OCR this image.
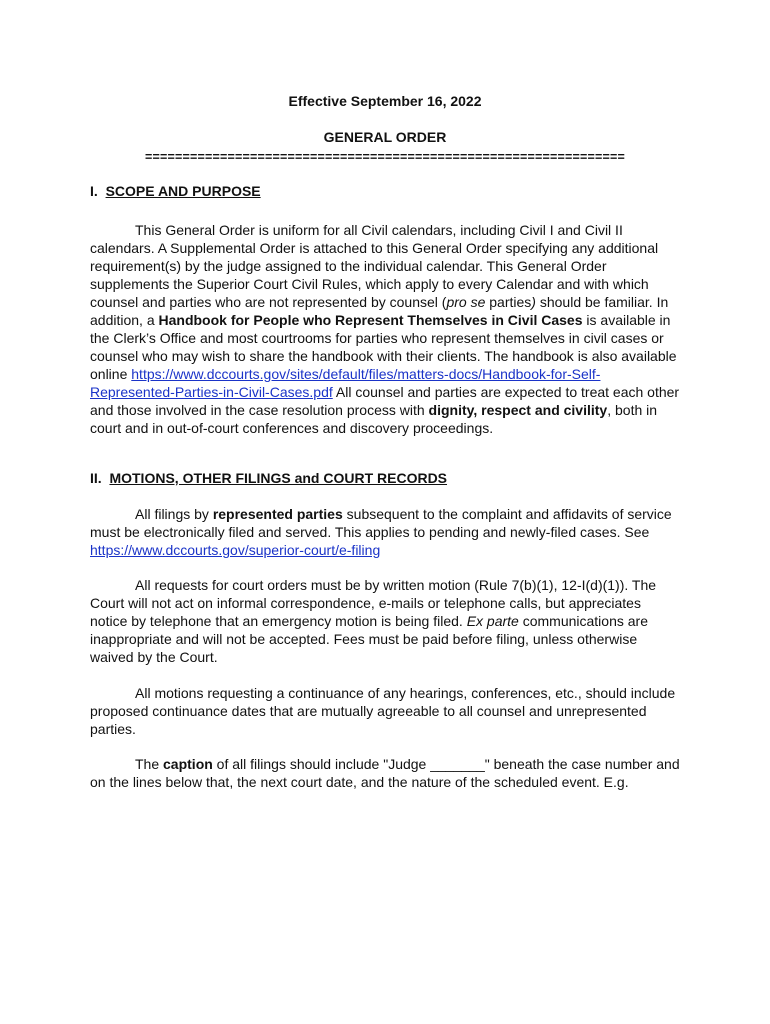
Effective September 16, 2022
GENERAL ORDER
================================================================
I. SCOPE AND PURPOSE
This General Order is uniform for all Civil calendars, including Civil I and Civil II calendars. A Supplemental Order is attached to this General Order specifying any additional requirement(s) by the judge assigned to the individual calendar. This General Order supplements the Superior Court Civil Rules, which apply to every Calendar and with which counsel and parties who are not represented by counsel (pro se parties) should be familiar. In addition, a Handbook for People who Represent Themselves in Civil Cases is available in the Clerk’s Office and most courtrooms for parties who represent themselves in civil cases or counsel who may wish to share the handbook with their clients. The handbook is also available online https://www.dccourts.gov/sites/default/files/matters-docs/Handbook-for-Self-Represented-Parties-in-Civil-Cases.pdf All counsel and parties are expected to treat each other and those involved in the case resolution process with dignity, respect and civility, both in court and in out-of-court conferences and discovery proceedings.
II. MOTIONS, OTHER FILINGS and COURT RECORDS
All filings by represented parties subsequent to the complaint and affidavits of service must be electronically filed and served. This applies to pending and newly-filed cases. See https://www.dccourts.gov/superior-court/e-filing
All requests for court orders must be by written motion (Rule 7(b)(1), 12-I(d)(1)). The Court will not act on informal correspondence, e-mails or telephone calls, but appreciates notice by telephone that an emergency motion is being filed. Ex parte communications are inappropriate and will not be accepted. Fees must be paid before filing, unless otherwise waived by the Court.
All motions requesting a continuance of any hearings, conferences, etc., should include proposed continuance dates that are mutually agreeable to all counsel and unrepresented parties.
The caption of all filings should include "Judge _______" beneath the case number and on the lines below that, the next court date, and the nature of the scheduled event. E.g.
